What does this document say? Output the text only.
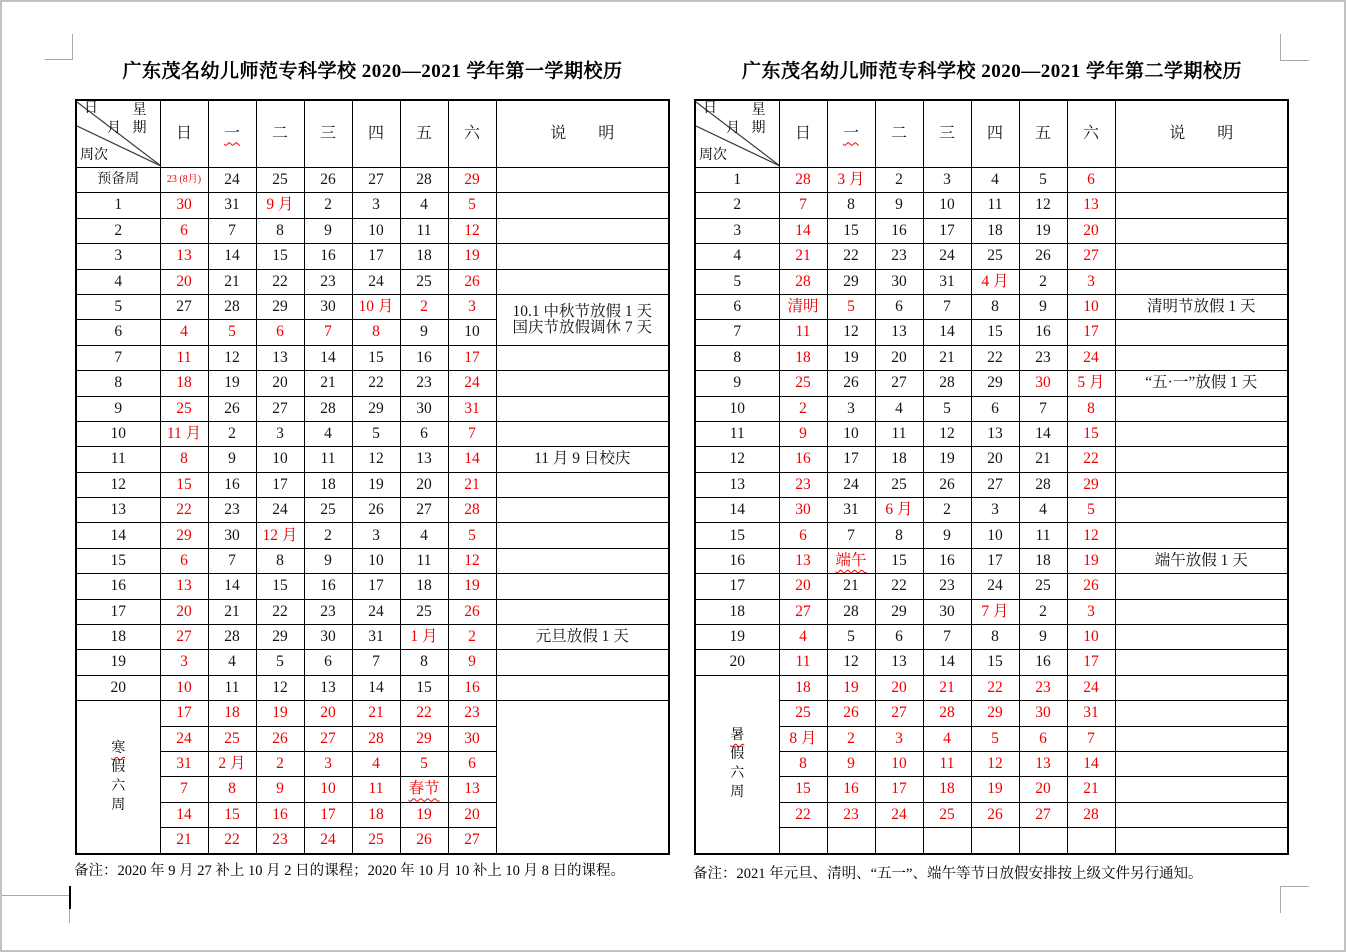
广东茂名幼儿师范专科学校 2020—2021 学年第一学期校历	广东茂名幼儿师范专科学校 2020—2021 学年第二学期校历
日 星
月 期
周次	日	一	二	三	四	五	六	说　　明
预备周	23 (8月)	24	25	26	27	28	29	
1	30	31	9 月	2	3	4	5	
2	6	7	8	9	10	11	12	
3	13	14	15	16	17	18	19	
4	20	21	22	23	24	25	26	
5	27	28	29	30	10 月	2	3	10.1 中秋节放假 1 天
国庆节放假调休 7 天

6	4	5	6	7	8	9	10	
7	11	12	13	14	15	16	17	
8	18	19	20	21	22	23	24	
9	25	26	27	28	29	30	31	
10	11 月	2	3	4	5	6	7	
11	8	9	10	11	12	13	14	11 月 9 日校庆
12	15	16	17	18	19	20	21	
13	22	23	24	25	26	27	28	
14	29	30	12 月	2	3	4	5	
15	6	7	8	9	10	11	12	
16	13	14	15	16	17	18	19	
17	20	21	22	23	24	25	26	
18	27	28	29	30	31	1 月	2	元旦放假 1 天
19	3	4	5	6	7	8	9	
20	10	11	12	13	14	15	16	

寒
假
六
周	17	18	19	20	21	22	23	
	24	25	26	27	28	29	30	
	31	2 月	2	3	4	5	6	
	7	8	9	10	11	春节	13	
	14	15	16	17	18	19	20	
	21	22	23	24	25	26	27	
日 星
月 期
周次	日	一	二	三	四	五	六	说　　明
1	28	3 月	2	3	4	5	6	
2	7	8	9	10	11	12	13	
3	14	15	16	17	18	19	20	
4	21	22	23	24	25	26	27	
5	28	29	30	31	4 月	2	3	
6	清明	5	6	7	8	9	10	清明节放假 1 天
7	11	12	13	14	15	16	17	
8	18	19	20	21	22	23	24	
9	25	26	27	28	29	30	5 月	“五·一”放假 1 天
10	2	3	4	5	6	7	8	
11	9	10	11	12	13	14	15	
12	16	17	18	19	20	21	22	
13	23	24	25	26	27	28	29	
14	30	31	6 月	2	3	4	5	
15	6	7	8	9	10	11	12	
16	13	端午	15	16	17	18	19	端午放假 1 天
17	20	21	22	23	24	25	26	
18	27	28	29	30	7 月	2	3	
19	4	5	6	7	8	9	10	
20	11	12	13	14	15	16	17	

暑
假
六
周	18	19	20	21	22	23	24	
	25	26	27	28	29	30	31	
	8 月	2	3	4	5	6	7	
	8	9	10	11	12	13	14	
	15	16	17	18	19	20	21	
	22	23	24	25	26	27	28	

备注：2020 年 9 月 27 补上 10 月 2 日的课程；2020 年 10 月 10 补上 10 月 8 日的课程。	备注：2021 年元旦、清明、“五一”、端午等节日放假安排按上级文件另行通知。
